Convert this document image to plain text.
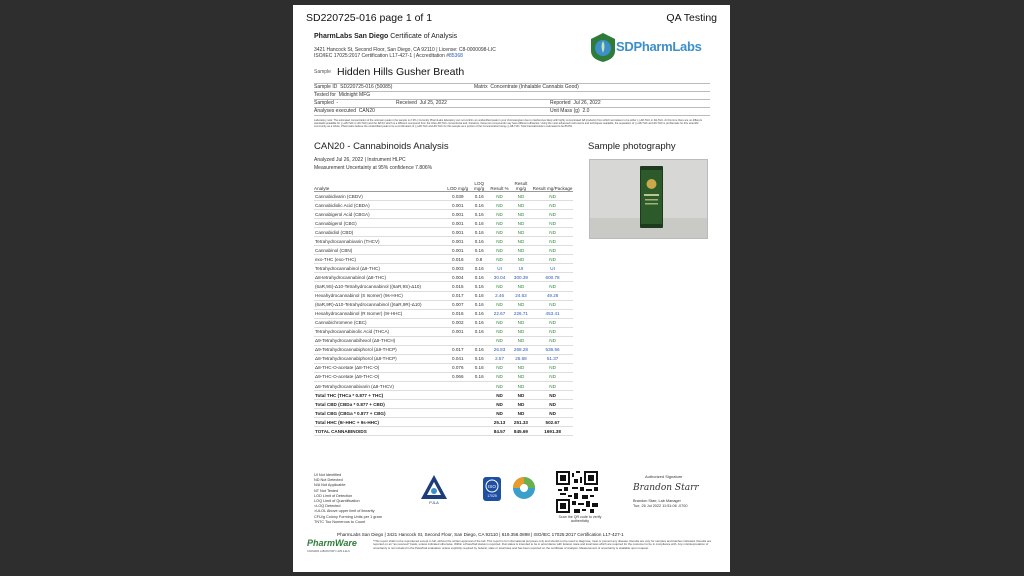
SD220725-016 page 1 of 1	QA Testing
PharmLabs San Diego Certificate of Analysis
3421 Hancock St, Second Floor, San Diego, CA 92110 | License: C8-0000098-LIC
ISO/IEC 17025:2017 Certification L17-427-1 | Accreditation #85368
SDPharmLabs
Sample Hidden Hills Gusher Breath
Sample ID SD220725-016 (50085)	Matrix Concentrate (Inhalable Cannabis Good)
Tested for Midnight MFG
Sampled -	Received Jul 25, 2022	Reported Jul 26, 2022
Analyses executed CAN20	Unit Mass (g) 2.0
Laboratory note: The estimated concentration of the unknown peak in the sample is 2.3%.) Currently PharmLabs laboratory can not confirm an unidentified peak in your chromatogram due to interference likely with highly concentrated Δ8 products) from which we believe to be either (-)-Δ8-THC or Δ9-THC. At this time there are no different standards available for (-)-Δ8-THC or Δ9-THC) and the Δ8 thc which is a different compound from the Infan Δ8-THC conventional and, therefore, these two compounds may have different efficacies. Using the most advanced instruments and techniques available, the separation of (-)-Δ8-THC and Δ9-THC is problematic for this scientific community as a whole. PharmLabs believe the unidentified peak to be a combination of (-)-Δ8-THC and Δ9-THC for this sample as a portion of the Concentration being (-)-Δ8-THC. Total Cannabinoids is estimated to be 86.8%.
CAN20 - Cannabinoids Analysis	Sample photography
Analyzed Jul 26, 2022 | Instrument HLPC
Measurement Uncertainty at 95% confidence 7.806%
Analyte	LOD mg/g	LOQ mg/g	Result %	Result mg/g	Result mg/Package
Cannabidivarin (CBDV)	0.039	0.16	ND	ND	ND
Cannabidiolic Acid (CBDA)	0.001	0.16	ND	ND	ND
Cannabigerol Acid (CBGA)	0.001	0.16	ND	ND	ND
Cannabigerol (CBG)	0.001	0.16	ND	ND	ND
Cannabidiol (CBD)	0.001	0.16	ND	ND	ND
Tetrahydrocannabivarin (THCV)	0.001	0.16	ND	ND	ND
Cannabinol (CBN)	0.001	0.16	ND	ND	ND
exo-THC (exo-THC)	0.016	0.8	ND	ND	ND
Tetrahydrocannabinol (Δ9-THC)	0.003	0.16	UI	UI	UI
Δ8-tetrahydrocannabinol (Δ8-THC)	0.004	0.16	30.04	300.39	600.78
(6aR,9S)-Δ10-Tetrahydrocannabinol ((6aR,9S)-Δ10)	0.015	0.16	ND	ND	ND
Hexahydrocannabinol (S Isomer) (9s-HHC)	0.017	0.16	2.46	24.63	49.26
(6aR,9R)-Δ10-Tetrahydrocannabinol ((6aR,9R)-Δ10)	0.007	0.16	ND	ND	ND
Hexahydrocannabinol (R Isomer) (9r-HHC)	0.016	0.16	22.67	226.71	453.41
Cannabichromene (CBC)	0.002	0.16	ND	ND	ND
Tetrahydrocannabinolic Acid (THCA)	0.001	0.16	ND	ND	ND
Δ9-Tetrahydrocannabihexol (Δ9-THCH)			ND	ND	ND
Δ9-Tetrahydrocannabiphorol (Δ9-THCP)	0.017	0.16	26.83	268.28	536.56
Δ8-Tetrahydrocannabiphorol (Δ8-THCP)	0.041	0.16	2.57	25.68	51.37
Δ8-THC-O-acetate (Δ8-THC-O)	0.076	0.16	ND	ND	ND
Δ9-THC-O-acetate (Δ9-THC-O)	0.066	0.16	ND	ND	ND
Δ8-Tetrahydrocannabivarin (Δ8-THCV)			ND	ND	ND
Total THC (THCa * 0.877 + THC)			ND	ND	ND
Total CBD (CBDa * 0.877 + CBD)			ND	ND	ND
Total CBG (CBGa * 0.877 + CBG)			ND	ND	ND
Total HHC (9r-HHC + 9s-HHC)			25.13	251.33	502.67
TOTAL CANNABINOIDS			84.57	845.69	1691.38
UI Not Identified
ND Not Detected
N/A Not Applicable
NT Not Tested
LOD Limit of Detection
LOQ Limit of Quantification
<LOQ Detected
>ULOL Above upper limit of linearity
CFU/g Colony Forming Units per 1 gram
TNTC Too Numerous to Count
PJLA
ISO
17025
Scan the QR code to verify authenticity
Authorized Signature
Brandon Starr
Brandon Starr, Lab Manager
Tue, 26 Jul 2022 11:51:06 -0700
PharmWare
CANNABIS LABORATORY LIMS & ELN
PharmLabs San Diego | 3421 Hancock St, Second Floor, San Diego, CA 92110 | 619.356.0898 | ISO/IEC 17025:2017 Certification L17-427-1
*This report shall not be reproduced except in full, without the written approval of the lab. This report is for informational purposes only and should not be used to diagnose, treat or prevent any disease. Results are only for samples and batches indicated. Results are reported on an "as received" basis, unless indicated otherwise. Within a Pass/Fail status is reported, that status is intended to be in accordance with federal, state and local laws which are required for the customer to be in compliance with. Any misinterpretation of uncertainty is not included in the Pass/Fail evaluation unless explicitly required by federal, state or local laws and has been reported on the certificate of analysis. Measurement of uncertainty is available upon request.
